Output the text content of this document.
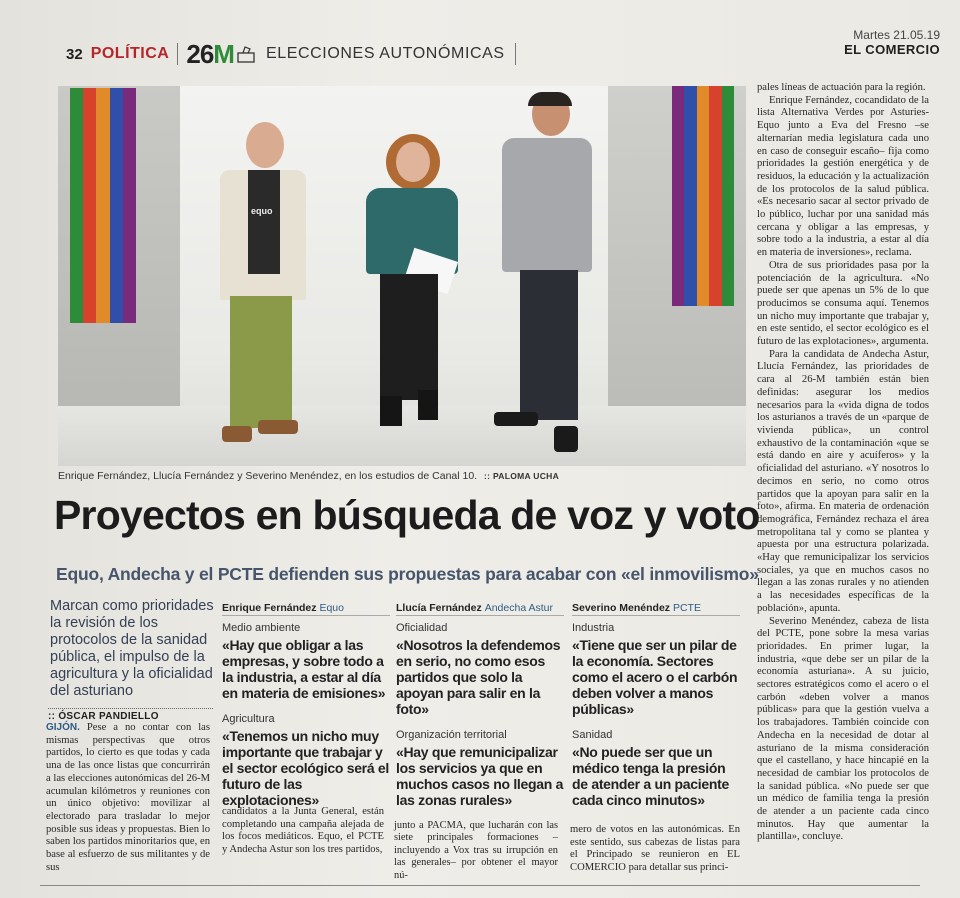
32 POLÍTICA 26M ELECCIONES AUTONÓMICAS
Martes 21.05.19
EL COMERCIO
equo
Enrique Fernández, Llucía Fernández y Severino Menéndez, en los estudios de Canal 10. :: PALOMA UCHA
Proyectos en búsqueda de voz y voto
Equo, Andecha y el PCTE defienden sus propuestas para acabar con «el inmovilismo»
Marcan como prioridades la revisión de los protocolos de la sanidad pública, el impulso de la agricultura y la oficialidad del asturiano
:: ÓSCAR PANDIELLO

GIJÓN. Pese a no contar con las mismas perspectivas que otros partidos, lo cierto es que todas y cada una de las once listas que concurrirán a las elecciones autonómicas del 26-M acumulan kilómetros y reuniones con un único objetivo: movilizar al electorado para trasladar lo mejor posible sus ideas y propuestas. Bien lo saben los partidos minoritarios que, en base al esfuerzo de sus militantes y de sus

Enrique Fernández Equo

Medio ambiente

«Hay que obligar a las empresas, y sobre todo a la industria, a estar al día en materia de emisiones»

Agricultura

«Tenemos un nicho muy importante que trabajar y el sector ecológico será el futuro de las explotaciones»

Llucía Fernández Andecha Astur

Oficialidad

«Nosotros la defendemos en serio, no como esos partidos que solo la apoyan para salir en la foto»

Organización territorial

«Hay que remunicipalizar los servicios ya que en muchos casos no llegan a las zonas rurales»

Severino Menéndez PCTE

Industria

«Tiene que ser un pilar de la economía. Sectores como el acero o el carbón deben volver a manos públicas»

Sanidad

«No puede ser que un médico tenga la presión de atender a un paciente cada cinco minutos»

candidatos a la Junta General, están completando una campaña alejada de los focos mediáticos. Equo, el PCTE y Andecha Astur son los tres partidos,

junto a PACMA, que lucharán con las siete principales formaciones –incluyendo a Vox tras su irrupción en las generales– por obtener el mayor nú-

mero de votos en las autonómicas. En este sentido, sus cabezas de listas para el Principado se reunieron en EL COMERCIO para detallar sus princi-

pales líneas de actuación para la región.

Enrique Fernández, cocandidato de la lista Alternativa Verdes por Asturies-Equo junto a Eva del Fresno –se alternarían media legislatura cada uno en caso de conseguir escaño– fija como prioridades la gestión energética y de residuos, la educación y la actualización de los protocolos de la salud pública. «Es necesario sacar al sector privado de lo público, luchar por una sanidad más cercana y obligar a las empresas, y sobre todo a la industria, a estar al día en materia de inversiones», reclama.

Otra de sus prioridades pasa por la potenciación de la agricultura. «No puede ser que apenas un 5% de lo que producimos se consuma aquí. Tenemos un nicho muy importante que trabajar y, en este sentido, el sector ecológico es el futuro de las explotaciones», argumenta.

Para la candidata de Andecha Astur, Llucía Fernández, las prioridades de cara al 26-M también están bien definidas: asegurar los medios necesarios para la «vida digna de todos los asturianos a través de un «parque de vivienda pública», un control exhaustivo de la contaminación «que se está dando en aire y acuíferos» y la oficialidad del asturiano. «Y nosotros lo decimos en serio, no como otros partidos que la apoyan para salir en la foto», afirma. En materia de ordenación demográfica, Fernández rechaza el área metropolitana tal y como se plantea y apuesta por una estructura polarizada. «Hay que remunicipalizar los servicios sociales, ya que en muchos casos no llegan a las zonas rurales y no atienden a las necesidades específicas de la población», apunta.

Severino Menéndez, cabeza de lista del PCTE, pone sobre la mesa varias prioridades. En primer lugar, la industria, «que debe ser un pilar de la economía asturiana». A su juicio, sectores estratégicos como el acero o el carbón «deben volver a manos públicas» para que la gestión vuelva a los trabajadores. También coincide con Andecha en la necesidad de dotar al asturiano de la misma consideración que el castellano, y hace hincapié en la necesidad de cambiar los protocolos de la sanidad pública. «No puede ser que un médico de familia tenga la presión de atender a un paciente cada cinco minutos. Hay que aumentar la plantilla», concluye.
